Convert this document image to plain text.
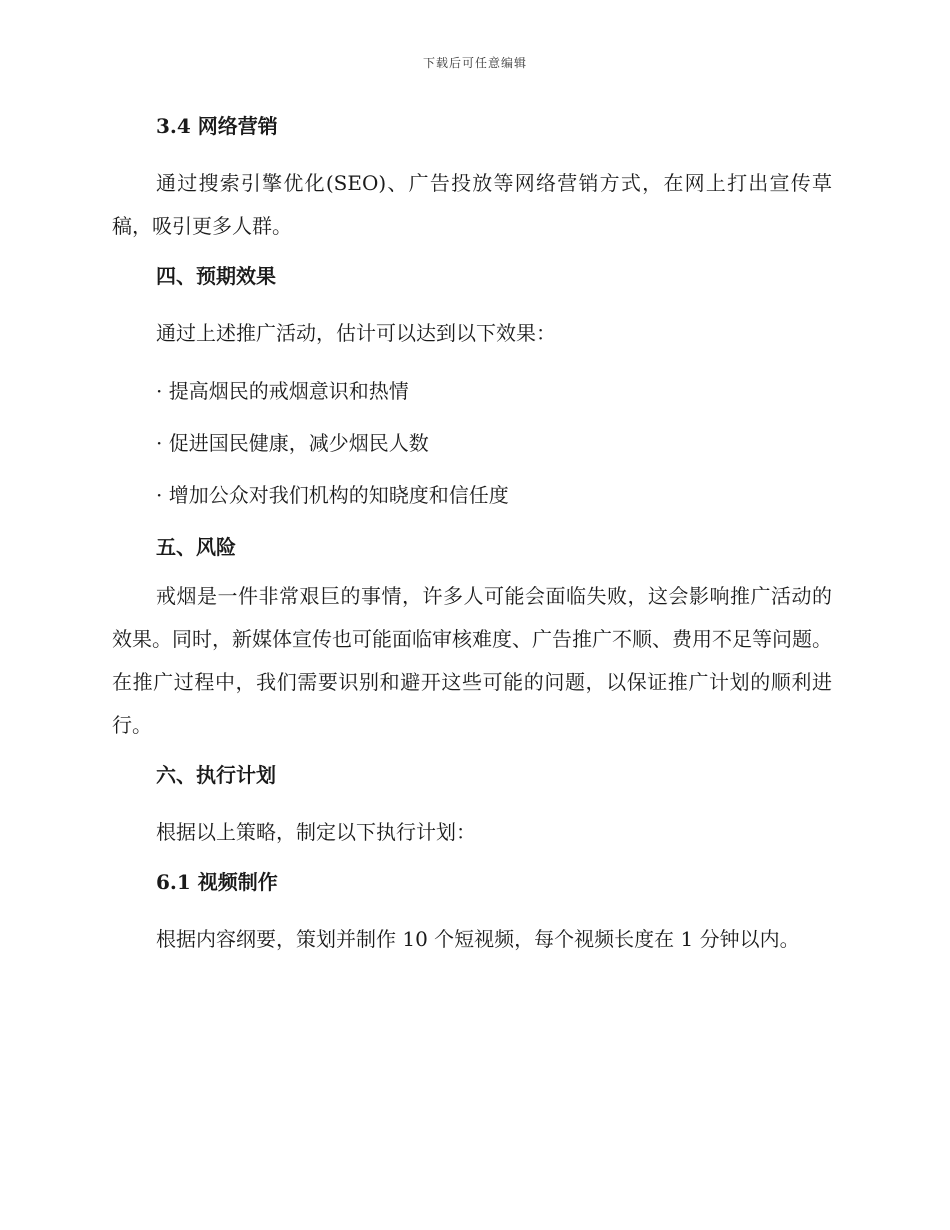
下载后可任意编辑

3.4 网络营销

通过搜索引擎优化(SEO)、广告投放等网络营销方式，在网上打出宣传草稿，吸引更多人群。

四、预期效果

通过上述推广活动，估计可以达到以下效果：

· 提高烟民的戒烟意识和热情

· 促进国民健康，减少烟民人数

· 增加公众对我们机构的知晓度和信任度

五、风险

戒烟是一件非常艰巨的事情，许多人可能会面临失败，这会影响推广活动的效果。同时，新媒体宣传也可能面临审核难度、广告推广不顺、费用不足等问题。在推广过程中，我们需要识别和避开这些可能的问题，以保证推广计划的顺利进行。

六、执行计划

根据以上策略，制定以下执行计划：

6.1 视频制作

根据内容纲要，策划并制作 10 个短视频，每个视频长度在 1 分钟以内。
